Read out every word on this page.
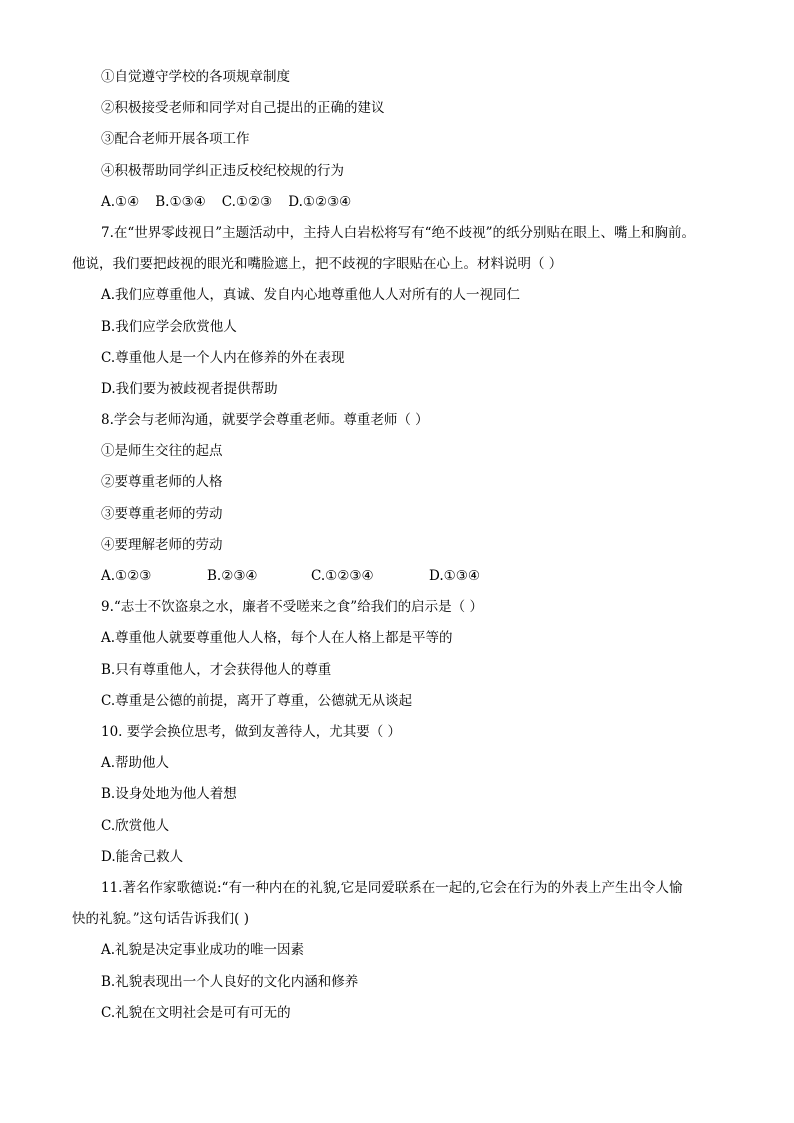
①自觉遵守学校的各项规章制度
②积极接受老师和同学对自己提出的正确的建议
③配合老师开展各项工作
④积极帮助同学纠正违反校纪校规的行为
A.①④ B.①③④ C.①②③ D.①②③④
7.在“世界零歧视日”主题活动中，主持人白岩松将写有“绝不歧视”的纸分别贴在眼上、嘴上和胸前。
他说，我们要把歧视的眼光和嘴脸遮上，把不歧视的字眼贴在心上。材料说明（ ）
A.我们应尊重他人，真诚、发自内心地尊重他人人对所有的人一视同仁
B.我们应学会欣赏他人
C.尊重他人是一个人内在修养的外在表现
D.我们要为被歧视者提供帮助
8.学会与老师沟通，就要学会尊重老师。尊重老师（ ）
①是师生交往的起点
②要尊重老师的人格
③要尊重老师的劳动
④要理解老师的劳动
A.①②③	B.②③④	C.①②③④	D.①③④
9.“志士不饮盗泉之水，廉者不受嗟来之食”给我们的启示是（ ）
A.尊重他人就要尊重他人人格，每个人在人格上都是平等的
B.只有尊重他人，才会获得他人的尊重
C.尊重是公德的前提，离开了尊重，公德就无从谈起
10. 要学会换位思考，做到友善待人，尤其要（ ）
A.帮助他人
B.设身处地为他人着想
C.欣赏他人
D.能舍己救人
11.著名作家歌德说:“有一种内在的礼貌,它是同爱联系在一起的,它会在行为的外表上产生出令人愉
快的礼貌。”这句话告诉我们( )
A.礼貌是决定事业成功的唯一因素
B.礼貌表现出一个人良好的文化内涵和修养
C.礼貌在文明社会是可有可无的
